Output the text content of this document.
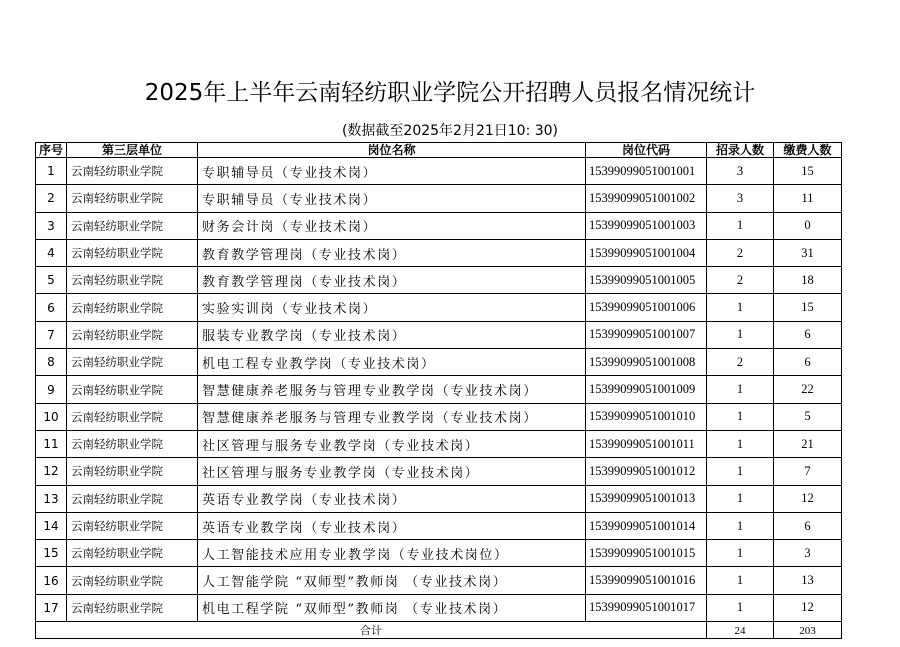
2025年上半年云南轻纺职业学院公开招聘人员报名情况统计
(数据截至2025年2月21日10: 30)
序号	第三层单位	岗位名称	岗位代码	招录人数	缴费人数
1	云南轻纺职业学院	专职辅导员（专业技术岗）	15399099051001001	3	15
2	云南轻纺职业学院	专职辅导员（专业技术岗）	15399099051001002	3	11
3	云南轻纺职业学院	财务会计岗（专业技术岗）	15399099051001003	1	0
4	云南轻纺职业学院	教育教学管理岗（专业技术岗）	15399099051001004	2	31
5	云南轻纺职业学院	教育教学管理岗（专业技术岗）	15399099051001005	2	18
6	云南轻纺职业学院	实验实训岗（专业技术岗）	15399099051001006	1	15
7	云南轻纺职业学院	服装专业教学岗（专业技术岗）	15399099051001007	1	6
8	云南轻纺职业学院	机电工程专业教学岗（专业技术岗）	15399099051001008	2	6
9	云南轻纺职业学院	智慧健康养老服务与管理专业教学岗（专业技术岗）	15399099051001009	1	22
10	云南轻纺职业学院	智慧健康养老服务与管理专业教学岗（专业技术岗）	15399099051001010	1	5
11	云南轻纺职业学院	社区管理与服务专业教学岗（专业技术岗）	15399099051001011	1	21
12	云南轻纺职业学院	社区管理与服务专业教学岗（专业技术岗）	15399099051001012	1	7
13	云南轻纺职业学院	英语专业教学岗（专业技术岗）	15399099051001013	1	12
14	云南轻纺职业学院	英语专业教学岗（专业技术岗）	15399099051001014	1	6
15	云南轻纺职业学院	人工智能技术应用专业教学岗（专业技术岗位）	15399099051001015	1	3
16	云南轻纺职业学院	人工智能学院 “双师型”教师岗 （专业技术岗）	15399099051001016	1	13
17	云南轻纺职业学院	机电工程学院 “双师型”教师岗 （专业技术岗）	15399099051001017	1	12
合计				24	203
